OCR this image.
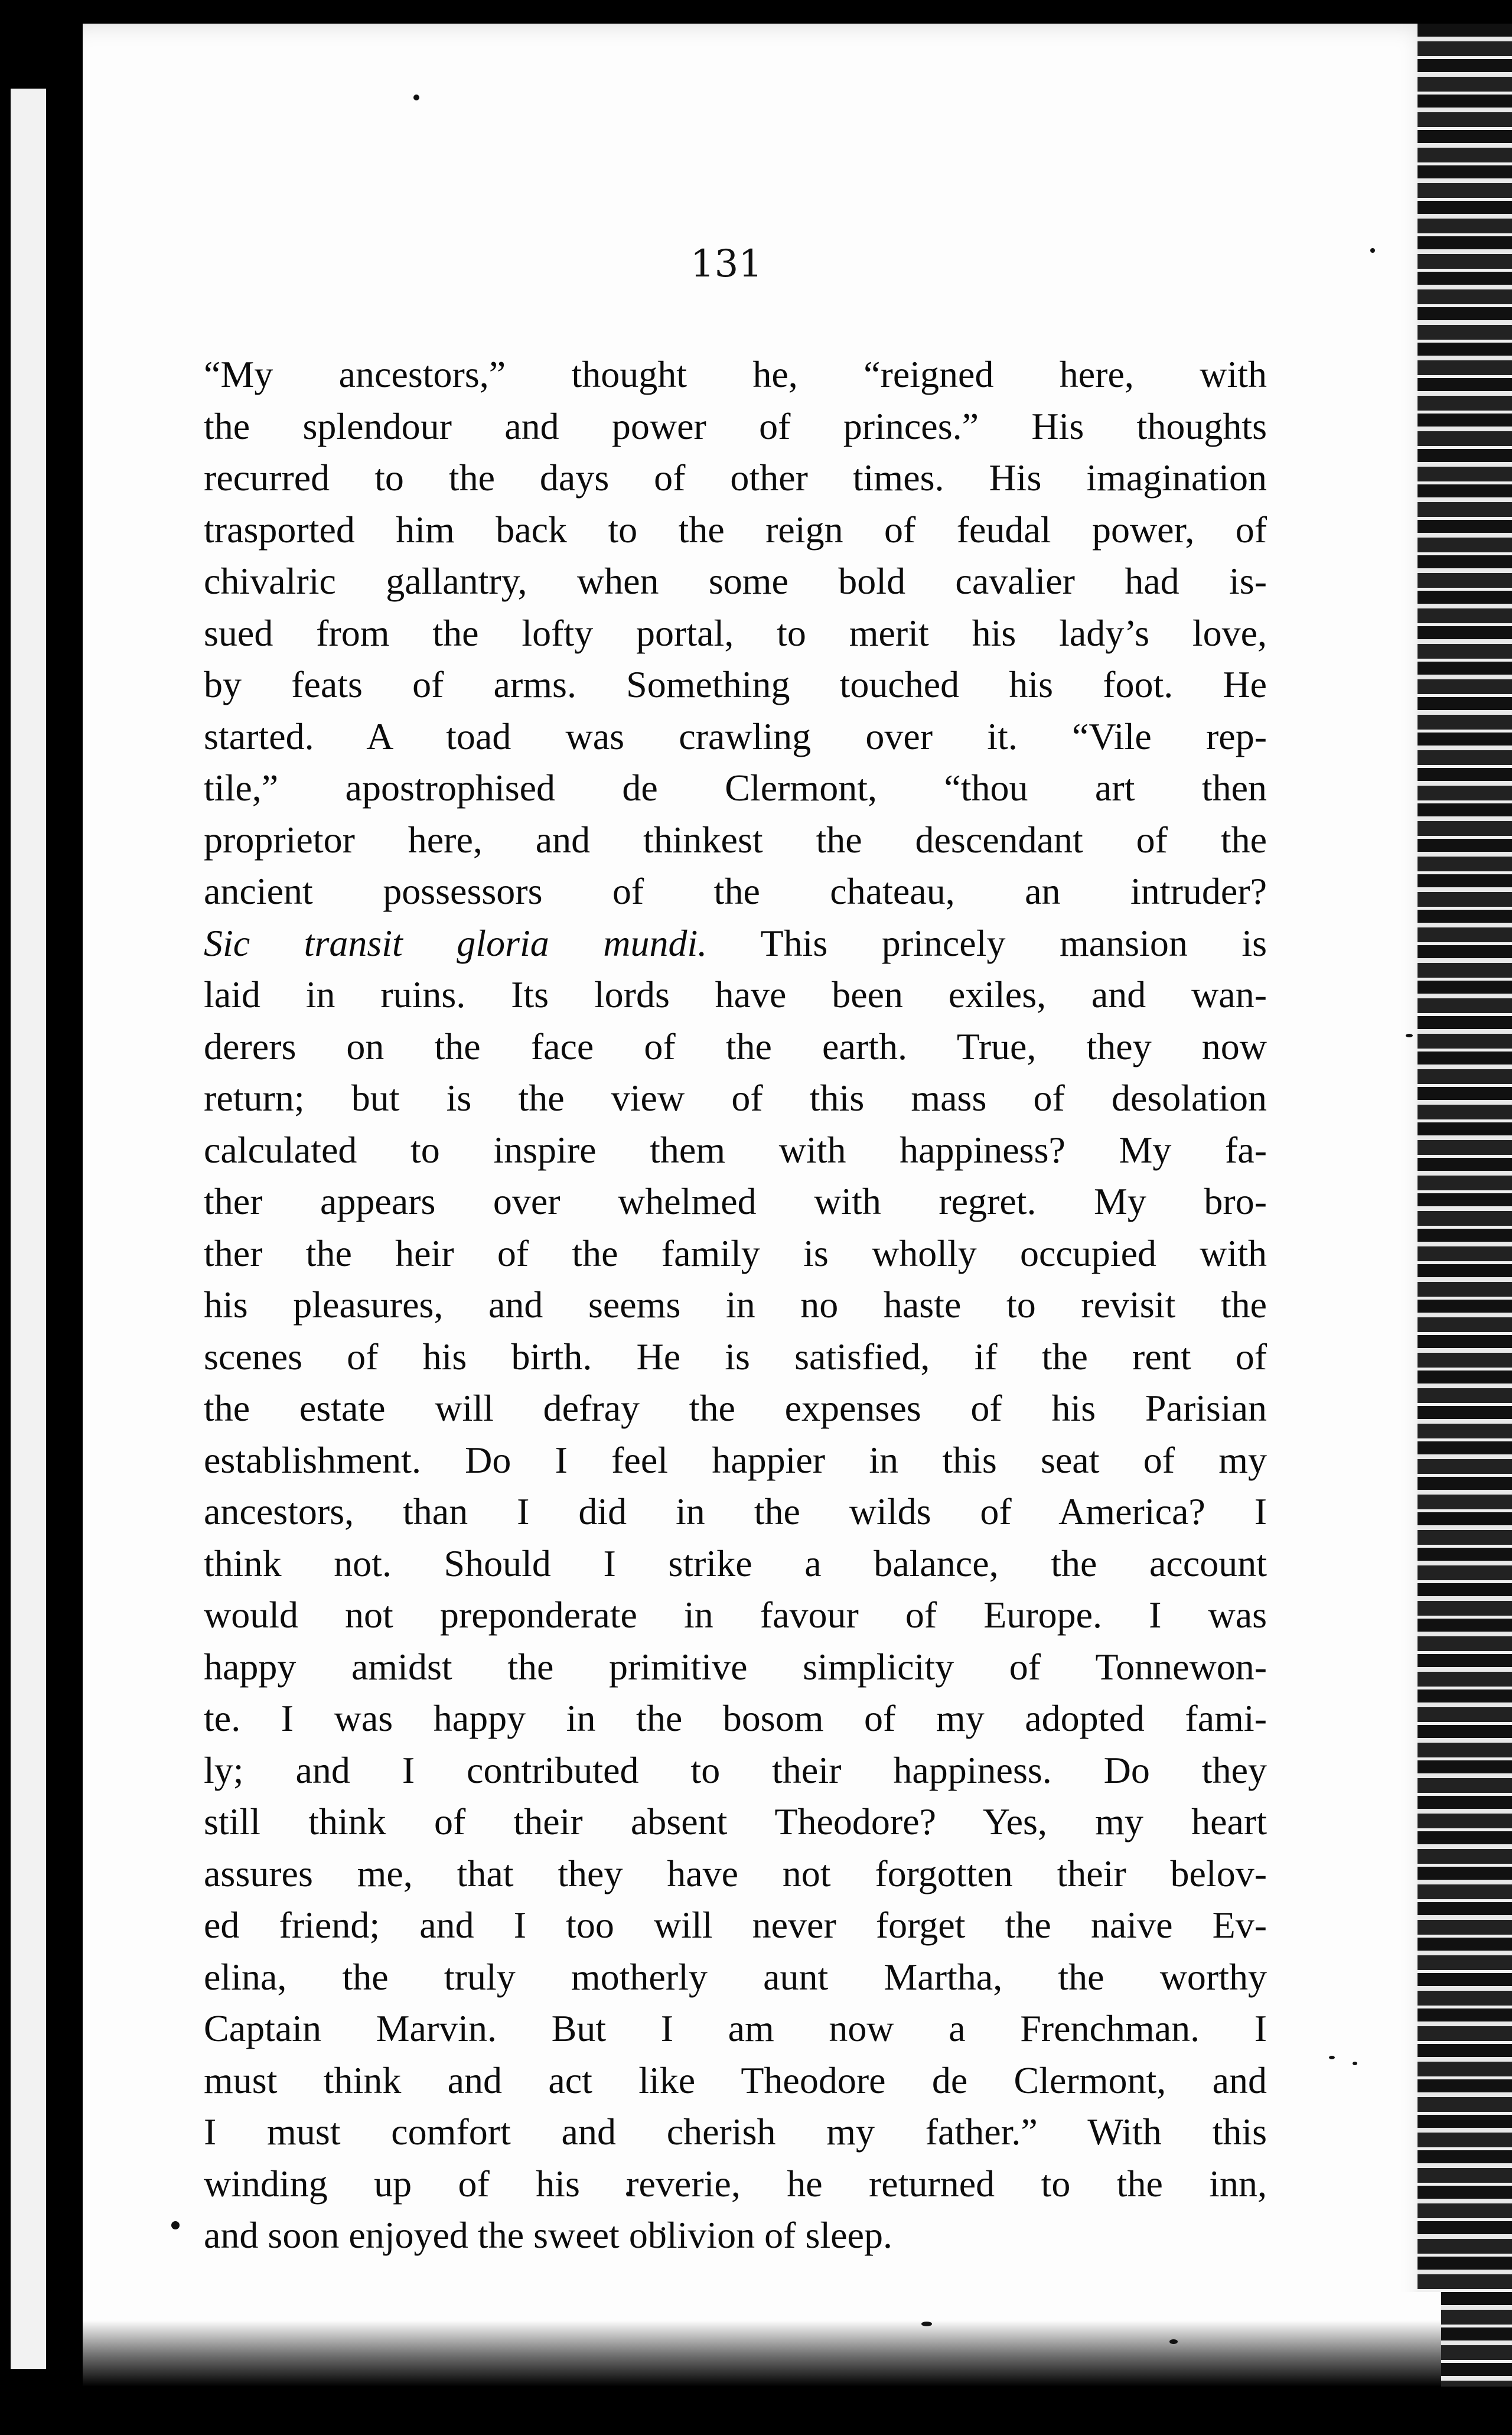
131
“My ancestors,” thought he, “reigned here, with
the splendour and power of princes.” His thoughts
recurred to the days of other times. His imagination
trasported him back to the reign of feudal power, of
chivalric gallantry, when some bold cavalier had is-
sued from the lofty portal, to merit his lady’s love,
by feats of arms. Something touched his foot. He
started. A toad was crawling over it. “Vile rep-
tile,” apostrophised de Clermont, “thou art then
proprietor here, and thinkest the descendant of the
ancient possessors of the chateau, an intruder?
Sic transit gloria mundi. This princely mansion is
laid in ruins. Its lords have been exiles, and wan-
derers on the face of the earth. True, they now
return; but is the view of this mass of desolation
calculated to inspire them with happiness? My fa-
ther appears over whelmed with regret. My bro-
ther the heir of the family is wholly occupied with
his pleasures, and seems in no haste to revisit the
scenes of his birth. He is satisfied, if the rent of
the estate will defray the expenses of his Parisian
establishment. Do I feel happier in this seat of my
ancestors, than I did in the wilds of America? I
think not. Should I strike a balance, the account
would not preponderate in favour of Europe. I was
happy amidst the primitive simplicity of Tonnewon-
te. I was happy in the bosom of my adopted fami-
ly; and I contributed to their happiness. Do they
still think of their absent Theodore? Yes, my heart
assures me, that they have not forgotten their belov-
ed friend; and I too will never forget the naive Ev-
elina, the truly motherly aunt Martha, the worthy
Captain Marvin. But I am now a Frenchman. I
must think and act like Theodore de Clermont, and
I must comfort and cherish my father.” With this
winding up of his reverie, he returned to the inn,
and soon enjoyed the sweet oblivion of sleep.
